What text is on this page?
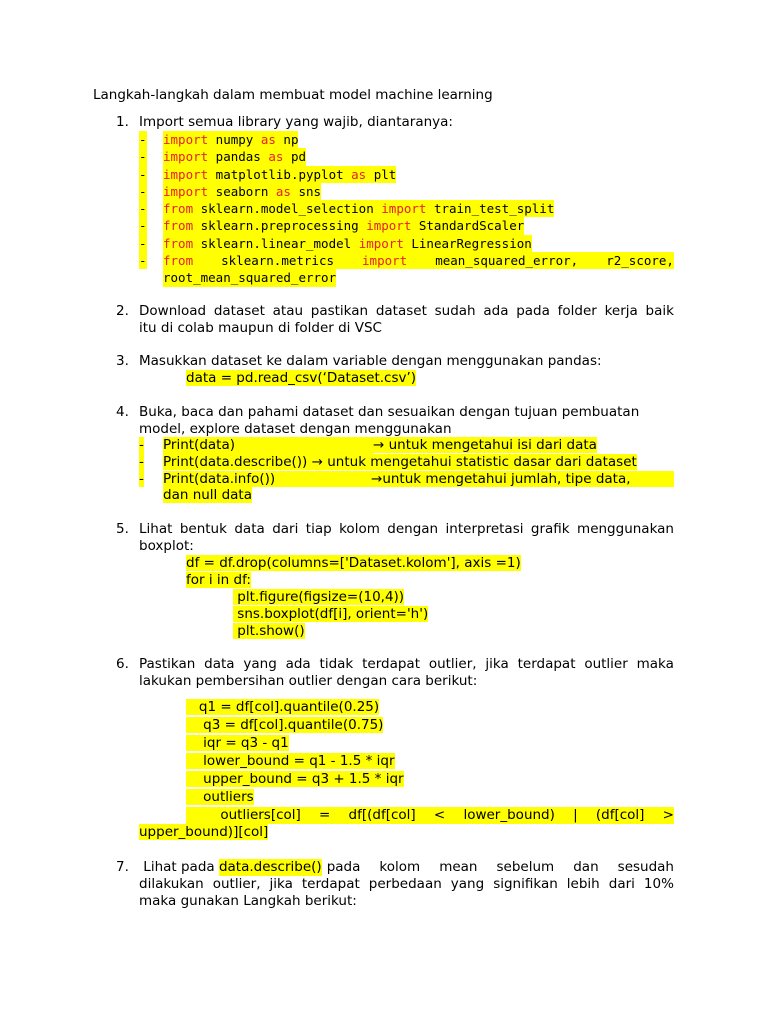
Langkah-langkah dalam membuat model machine learning
1. Import semua library yang wajib, diantaranya:
- import numpy as np
- import pandas as pd
- import matplotlib.pyplot as plt
- import seaborn as sns
- from sklearn.model_selection import train_test_split
- from sklearn.preprocessing import StandardScaler
- from sklearn.linear_model import LinearRegression

-

from sklearn.metrics import mean_squared_error, r2_score,

root_mean_squared_error

2. Download dataset atau pastikan dataset sudah ada pada folder kerja baik
itu di colab maupun di folder di VSC
3. Masukkan dataset ke dalam variable dengan menggunakan pandas:
data = pd.read_csv(‘Dataset.csv’)
4. Buka, baca dan pahami dataset dan sesuaikan dengan tujuan pembuatan
model, explore dataset dengan menggunakan
- Print(data)	→ untuk mengetahui isi dari data
- Print(data.describe()) → untuk mengetahui statistic dasar dari dataset
- Print(data.info())	→untuk mengetahui jumlah, tipe data,
dan null data
5. Lihat bentuk data dari tiap kolom dengan interpretasi grafik menggunakan
boxplot:
df = df.drop(columns=['Dataset.kolom'], axis =1)
for i in df:
plt.figure(figsize=(10,4))
sns.boxplot(df[i], orient='h')
plt.show()
6. Pastikan data yang ada tidak terdapat outlier, jika terdapat outlier maka
lakukan pembersihan outlier dengan cara berikut:
q1 = df[col].quantile(0.25)
q3 = df[col].quantile(0.75)
iqr = q3 - q1
lower_bound = q1 - 1.5 * iqr
upper_bound = q3 + 1.5 * iqr
outliers
outliers[col] = df[(df[col] < lower_bound) | (df[col] >
upper_bound)][col]
7. Lihat pada data.describe() pada kolom mean sebelum dan sesudah
dilakukan outlier, jika terdapat perbedaan yang signifikan lebih dari 10%
maka gunakan Langkah berikut:
